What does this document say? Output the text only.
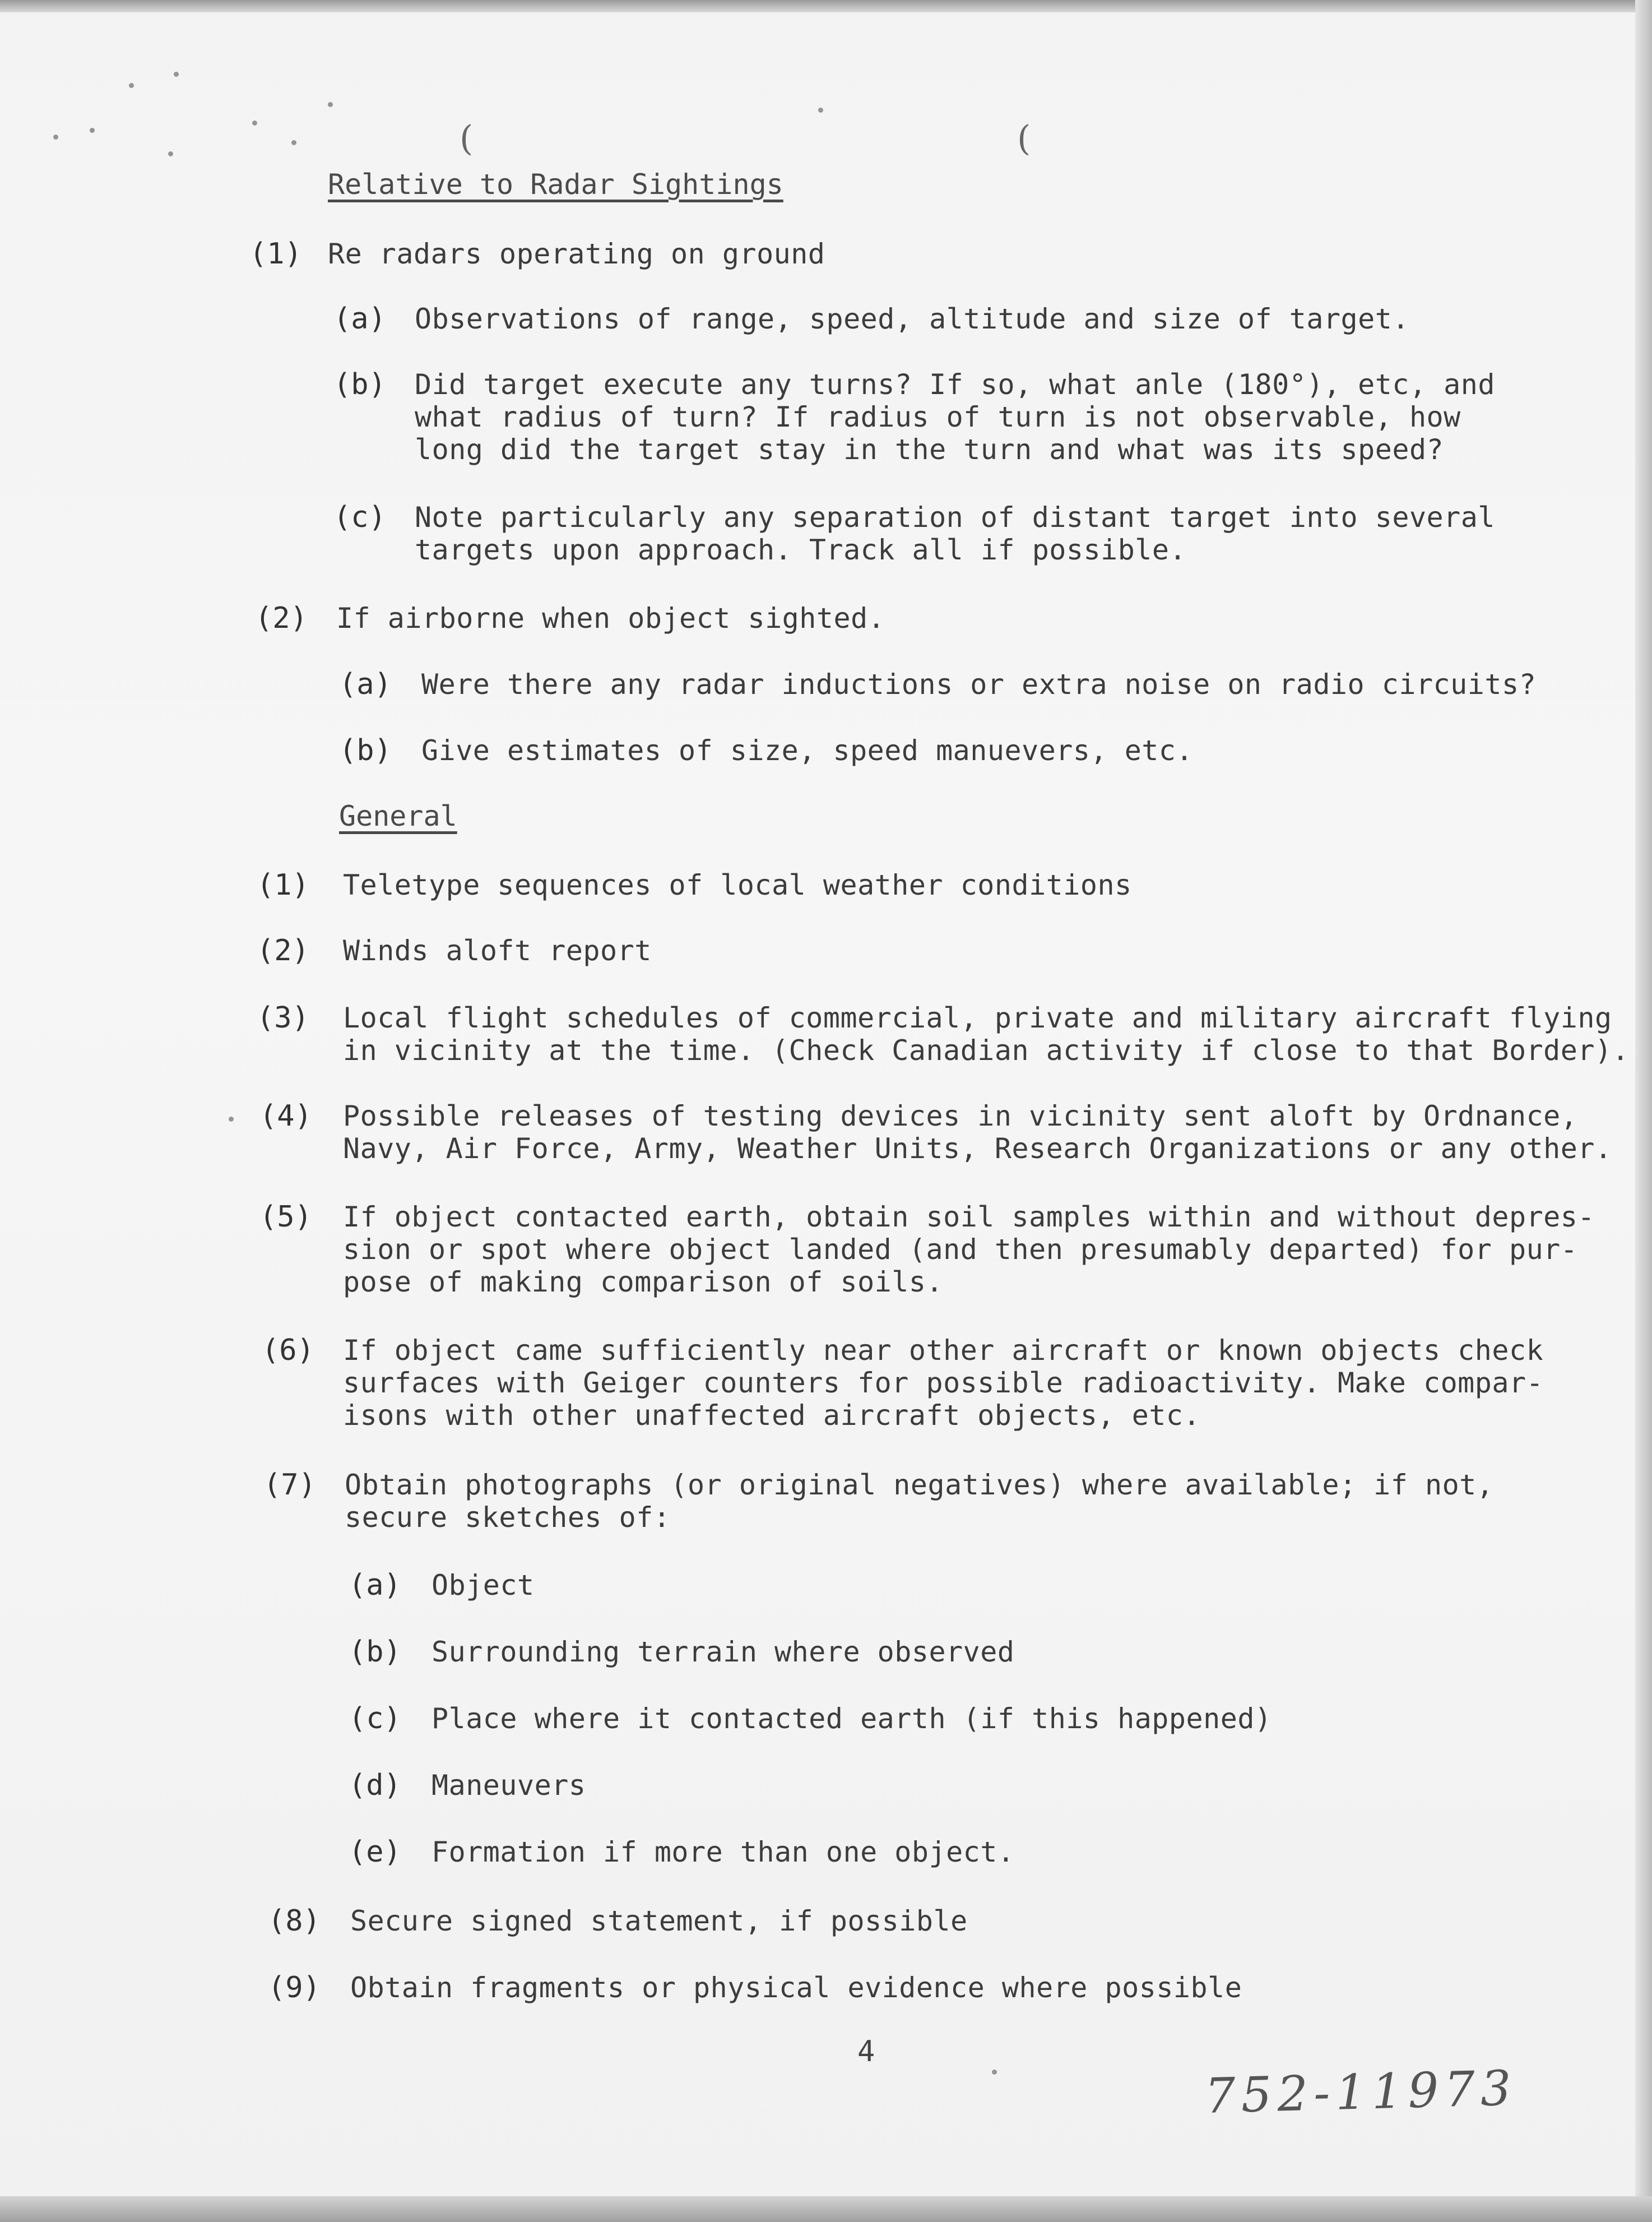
(	(
Relative to Radar Sightings
(1) Re radars operating on ground
(a) Observations of range, speed, altitude and size of target.
(b) Did target execute any turns? If so, what anle (180°), etc, and
what radius of turn? If radius of turn is not observable, how
long did the target stay in the turn and what was its speed?
(c) Note particularly any separation of distant target into several
targets upon approach. Track all if possible.
(2) If airborne when object sighted.
(a) Were there any radar inductions or extra noise on radio circuits?
(b) Give estimates of size, speed manuevers, etc.
General
(1) Teletype sequences of local weather conditions
(2) Winds aloft report
(3) Local flight schedules of commercial, private and military aircraft flying
in vicinity at the time. (Check Canadian activity if close to that Border).
(4) Possible releases of testing devices in vicinity sent aloft by Ordnance,
Navy, Air Force, Army, Weather Units, Research Organizations or any other.
(5) If object contacted earth, obtain soil samples within and without depres-
sion or spot where object landed (and then presumably departed) for pur-
pose of making comparison of soils.
(6) If object came sufficiently near other aircraft or known objects check
surfaces with Geiger counters for possible radioactivity. Make compar-
isons with other unaffected aircraft objects, etc.
(7) Obtain photographs (or original negatives) where available; if not,
secure sketches of:
(a) Object
(b) Surrounding terrain where observed
(c) Place where it contacted earth (if this happened)
(d) Maneuvers
(e) Formation if more than one object.
(8) Secure signed statement, if possible
(9) Obtain fragments or physical evidence where possible
4
752-11973
